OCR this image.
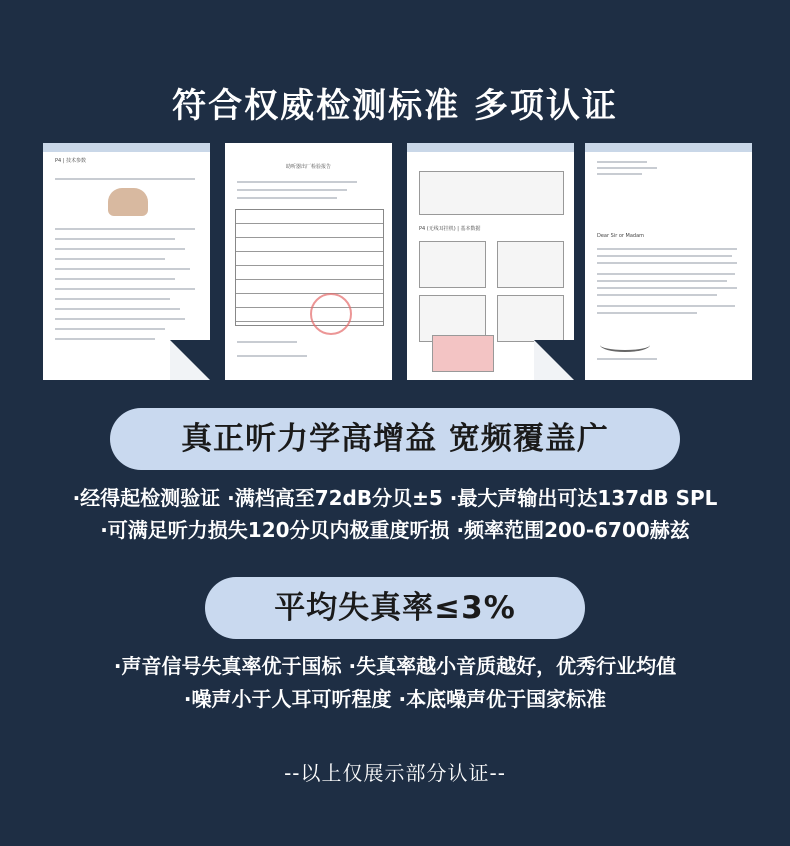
符合权威检测标准 多项认证
P4 | 技术参数
助听器出厂检验报告
P4 (无线耳挂机) | 基本数据
Dear Sir or Madam
真正听力学高增益 宽频覆盖广
·经得起检测验证 ·满档高至72dB分贝±5 ·最大声输出可达137dB SPL
·可满足听力损失120分贝内极重度听损 ·频率范围200-6700赫兹
平均失真率≤3%
·声音信号失真率优于国标 ·失真率越小音质越好，优秀行业均值
·噪声小于人耳可听程度 ·本底噪声优于国家标准
--以上仅展示部分认证--
